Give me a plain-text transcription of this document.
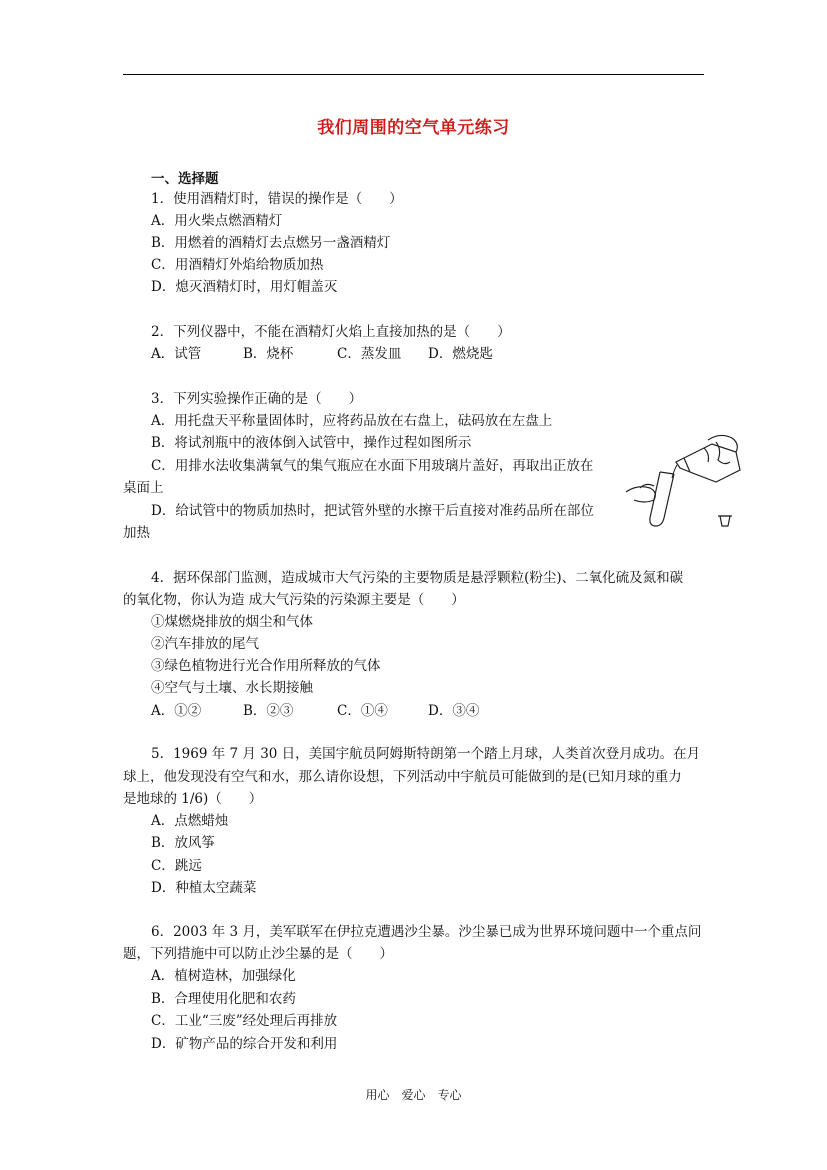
我们周围的空气单元练习
一、选择题
1．使用酒精灯时，错误的操作是（　　）
A．用火柴点燃酒精灯
B．用燃着的酒精灯去点燃另一盏酒精灯
C．用酒精灯外焰给物质加热
D．熄灭酒精灯时，用灯帽盖灭
2．下列仪器中，不能在酒精灯火焰上直接加热的是（　　）
A．试管	B．烧杯	C．蒸发皿	D．燃烧匙
3．下列实验操作正确的是（　　）
A．用托盘天平称量固体时，应将药品放在右盘上，砝码放在左盘上
B．将试剂瓶中的液体倒入试管中，操作过程如图所示
C．用排水法收集满氧气的集气瓶应在水面下用玻璃片盖好，再取出正放在
桌面上
D．给试管中的物质加热时，把试管外壁的水擦干后直接对准药品所在部位
加热
4．据环保部门监测，造成城市大气污染的主要物质是悬浮颗粒(粉尘)、二氧化硫及氮和碳
的氧化物，你认为造 成大气污染的污染源主要是（　　）
①煤燃烧排放的烟尘和气体
②汽车排放的尾气
③绿色植物进行光合作用所释放的气体
④空气与土壤、水长期接触
A．①②	B．②③	C．①④	D．③④
5．1969 年 7 月 30 日，美国宇航员阿姆斯特朗第一个踏上月球，人类首次登月成功。在月
球上，他发现没有空气和水，那么请你设想，下列活动中宇航员可能做到的是(已知月球的重力
是地球的 1/6)（　　）
A．点燃蜡烛
B．放风筝
C．跳远
D．种植太空蔬菜
6．2003 年 3 月，美军联军在伊拉克遭遇沙尘暴。沙尘暴已成为世界环境问题中一个重点问
题，下列措施中可以防止沙尘暴的是（　　）
A．植树造林，加强绿化
B．合理使用化肥和农药
C．工业“三废”经处理后再排放
D．矿物产品的综合开发和利用
用心　爱心　专心
